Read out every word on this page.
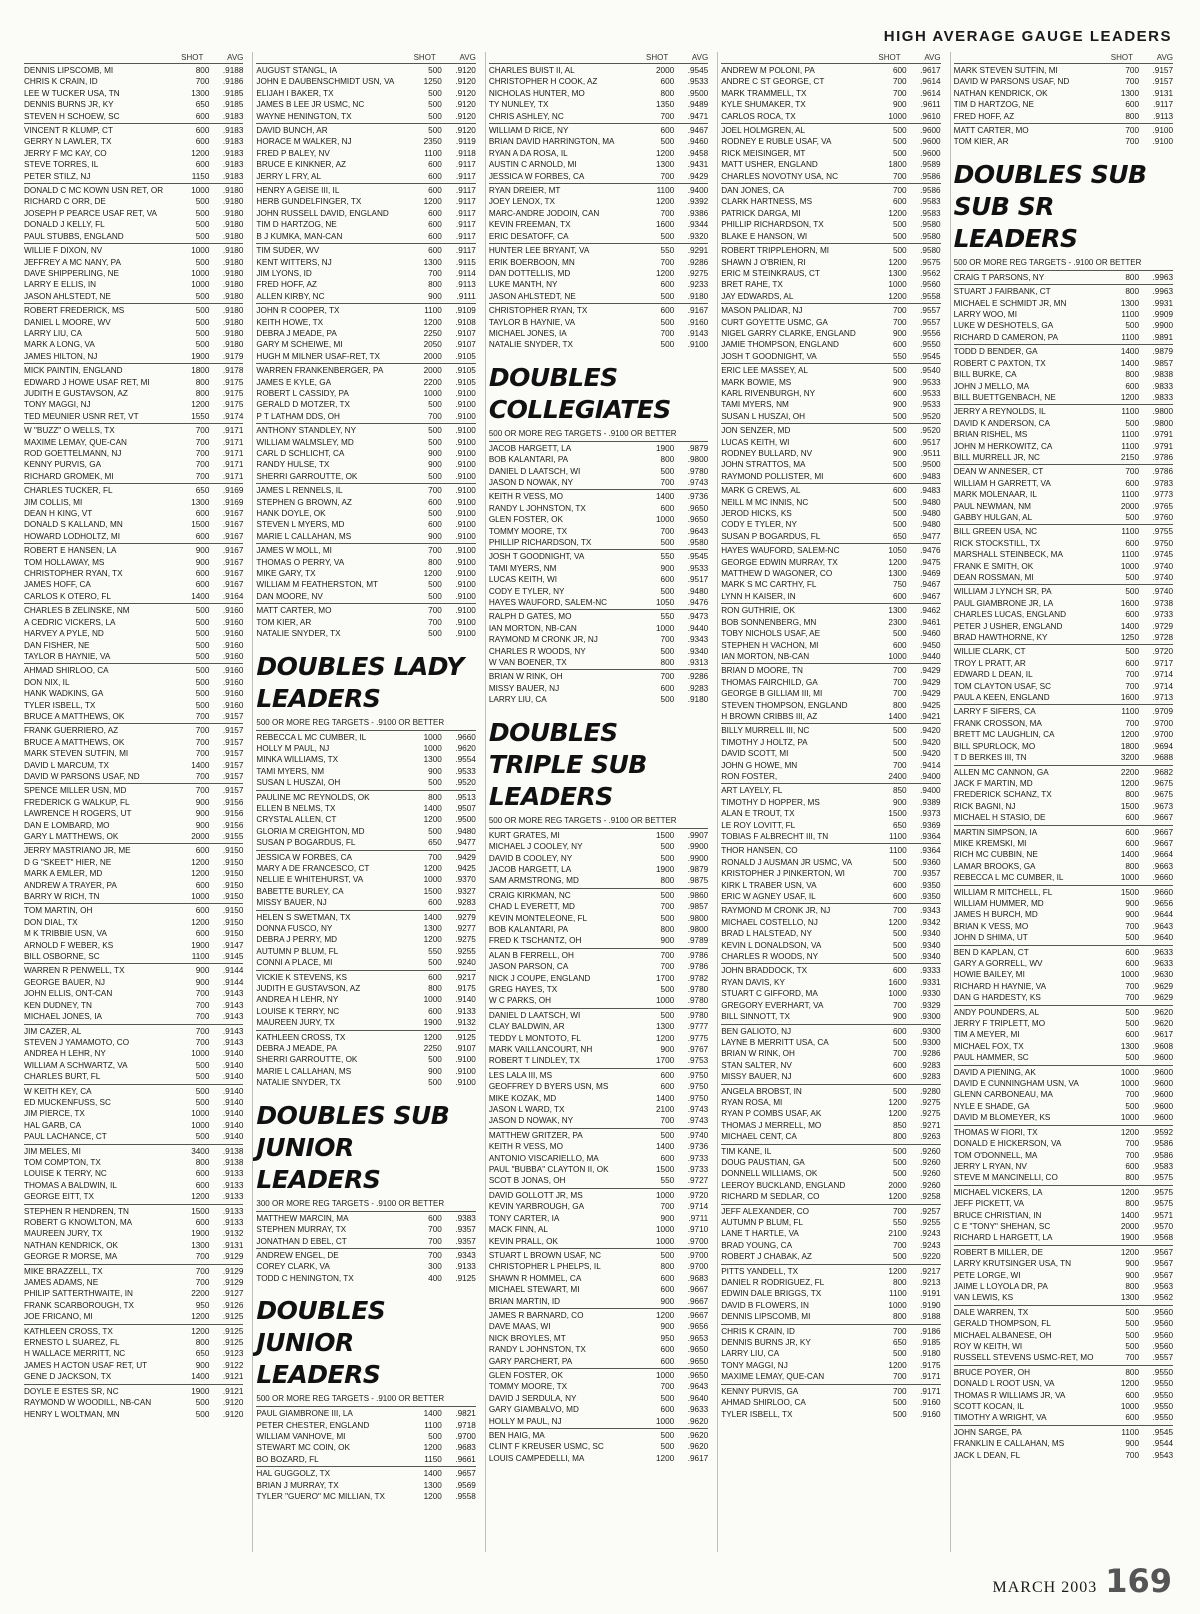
HIGH AVERAGE GAUGE LEADERS
SHOT	AVG
DENNIS LIPSCOMB, MI	800	.9188
CHRIS K CRAIN, ID	700	.9186
LEE W TUCKER USA, TN	1300	.9185
DENNIS BURNS JR, KY	650	.9185
STEVEN H SCHOEW, SC	600	.9183
VINCENT R KLUMP, CT	600	.9183
GERRY N LAWLER, TX	600	.9183
JERRY F MC KAY, CO	1200	.9183
STEVE TORRES, IL	600	.9183
PETER STILZ, NJ	1150	.9183
DONALD C MC KOWN USN RET, OR	1000	.9180
RICHARD C ORR, DE	500	.9180
JOSEPH P PEARCE USAF RET, VA	500	.9180
DONALD J KELLY, FL	500	.9180
PAUL STUBBS, ENGLAND	500	.9180
WILLIE F DIXON, NV	1000	.9180
JEFFREY A MC NANY, PA	500	.9180
DAVE SHIPPERLING, NE	1000	.9180
LARRY E ELLIS, IN	1000	.9180
JASON AHLSTEDT, NE	500	.9180
ROBERT FREDERICK, MS	500	.9180
DANIEL L MOORE, WV	500	.9180
LARRY LIU, CA	500	.9180
MARK A LONG, VA	500	.9180
JAMES HILTON, NJ	1900	.9179
MICK PAINTIN, ENGLAND	1800	.9178
EDWARD J HOWE USAF RET, MI	800	.9175
JUDITH E GUSTAVSON, AZ	800	.9175
TONY MAGGI, NJ	1200	.9175
TED MEUNIER USNR RET, VT	1550	.9174
W "BUZZ" O WELLS, TX	700	.9171
MAXIME LEMAY, QUE-CAN	700	.9171
ROD GOETTELMANN, NJ	700	.9171
KENNY PURVIS, GA	700	.9171
RICHARD GROMEK, MI	700	.9171
CHARLES TUCKER, FL	650	.9169
JIM COLLIS, MI	1300	.9169
DEAN H KING, VT	600	.9167
DONALD S KALLAND, MN	1500	.9167
HOWARD LODHOLTZ, MI	600	.9167
ROBERT E HANSEN, LA	900	.9167
TOM HOLLAWAY, MS	900	.9167
CHRISTOPHER RYAN, TX	600	.9167
JAMES HOFF, CA	600	.9167
CARLOS K OTERO, FL	1400	.9164
CHARLES B ZELINSKE, NM	500	.9160
A CEDRIC VICKERS, LA	500	.9160
HARVEY A PYLE, ND	500	.9160
DAN FISHER, NE	500	.9160
TAYLOR B HAYNIE, VA	500	.9160
AHMAD SHIRLOO, CA	500	.9160
DON NIX, IL	500	.9160
HANK WADKINS, GA	500	.9160
TYLER ISBELL, TX	500	.9160
BRUCE A MATTHEWS, OK	700	.9157
FRANK GUERRIERO, AZ	700	.9157
BRUCE A MATTHEWS, OK	700	.9157
MARK STEVEN SUTFIN, MI	700	.9157
DAVID L MARCUM, TX	1400	.9157
DAVID W PARSONS USAF, ND	700	.9157
SPENCE MILLER USN, MD	700	.9157
FREDERICK G WALKUP, FL	900	.9156
LAWRENCE H ROGERS, UT	900	.9156
DAN E LOMBARD, MO	900	.9156
GARY L MATTHEWS, OK	2000	.9155
JERRY MASTRIANO JR, ME	600	.9150
D G "SKEET" HIER, NE	1200	.9150
MARK A EMLER, MD	1200	.9150
ANDREW A TRAYER, PA	600	.9150
BARRY W RICH, TN	1000	.9150
TOM MARTIN, OH	600	.9150
DON DIAL, TX	1200	.9150
M K TRIBBIE USN, VA	600	.9150
ARNOLD F WEBER, KS	1900	.9147
BILL OSBORNE, SC	1100	.9145
WARREN R PENWELL, TX	900	.9144
GEORGE BAUER, NJ	900	.9144
JOHN ELLIS, ONT-CAN	700	.9143
KEN DUDNEY, TN	700	.9143
MICHAEL JONES, IA	700	.9143
JIM CAZER, AL	700	.9143
STEVEN J YAMAMOTO, CO	700	.9143
ANDREA H LEHR, NY	1000	.9140
WILLIAM A SCHWARTZ, VA	500	.9140
CHARLES BURT, FL	500	.9140
W KEITH KEY, CA	500	.9140
ED MUCKENFUSS, SC	500	.9140
JIM PIERCE, TX	1000	.9140
HAL GARB, CA	1000	.9140
PAUL LACHANCE, CT	500	.9140
JIM MELES, MI	3400	.9138
TOM COMPTON, TX	800	.9138
LOUISE K TERRY, NC	600	.9133
THOMAS A BALDWIN, IL	600	.9133
GEORGE EITT, TX	1200	.9133
STEPHEN R HENDREN, TN	1500	.9133
ROBERT G KNOWLTON, MA	600	.9133
MAUREEN JURY, TX	1900	.9132
NATHAN KENDRICK, OK	1300	.9131
GEORGE R MORSE, MA	700	.9129
MIKE BRAZZELL, TX	700	.9129
JAMES ADAMS, NE	700	.9129
PHILIP SATTERTHWAITE, IN	2200	.9127
FRANK SCARBOROUGH, TX	950	.9126
JOE FRICANO, MI	1200	.9125
KATHLEEN CROSS, TX	1200	.9125
ERNESTO L SUAREZ, FL	800	.9125
H WALLACE MERRITT, NC	650	.9123
JAMES H ACTON USAF RET, UT	900	.9122
GENE D JACKSON, TX	1400	.9121
DOYLE E ESTES SR, NC	1900	.9121
RAYMOND W WOODILL, NB-CAN	500	.9120
HENRY L WOLTMAN, MN	500	.9120
SHOT	AVG
AUGUST STANGL, IA	500	.9120
JOHN E DAUBENSCHMIDT USN, VA	1250	.9120
ELIJAH I BAKER, TX	500	.9120
JAMES B LEE JR USMC, NC	500	.9120
WAYNE HENINGTON, TX	500	.9120
DAVID BUNCH, AR	500	.9120
HORACE M WALKER, NJ	2350	.9119
FRED P BALEY, NV	1100	.9118
BRUCE E KINKNER, AZ	600	.9117
JERRY L FRY, AL	600	.9117
HENRY A GEISE III, IL	600	.9117
HERB GUNDELFINGER, TX	1200	.9117
JOHN RUSSELL DAVID, ENGLAND	600	.9117
TIM D HARTZOG, NE	600	.9117
B J KUMKA, MAN-CAN	600	.9117
TIM SUDER, WV	600	.9117
KENT WITTERS, NJ	1300	.9115
JIM LYONS, ID	700	.9114
FRED HOFF, AZ	800	.9113
ALLEN KIRBY, NC	900	.9111
JOHN R COOPER, TX	1100	.9109
KEITH HOWE, TX	1200	.9108
DEBRA J MEADE, PA	2250	.9107
GARY M SCHEIWE, MI	2050	.9107
HUGH M MILNER USAF-RET, TX	2000	.9105
WARREN FRANKENBERGER, PA	2000	.9105
JAMES E KYLE, GA	2200	.9105
ROBERT L CASSIDY, PA	1000	.9100
GERALD D MOTZER, TX	500	.9100
P T LATHAM DDS, OH	700	.9100
ANTHONY STANDLEY, NY	500	.9100
WILLIAM WALMSLEY, MD	500	.9100
CARL D SCHLICHT, CA	900	.9100
RANDY HULSE, TX	900	.9100
SHERRI GARROUTTE, OK	500	.9100
JAMES L RENNELS, IL	700	.9100
STEPHEN G BROWN, AZ	600	.9100
HANK DOYLE, OK	500	.9100
STEVEN L MYERS, MD	600	.9100
MARIE L CALLAHAN, MS	900	.9100
JAMES W MOLL, MI	700	.9100
THOMAS O PERRY, VA	800	.9100
MIKE GARY, TX	1200	.9100
WILLIAM M FEATHERSTON, MT	500	.9100
DAN MOORE, NV	500	.9100
MATT CARTER, MO	700	.9100
TOM KIER, AR	700	.9100
NATALIE SNYDER, TX	500	.9100
DOUBLES LADY LEADERS
500 OR MORE REG TARGETS - .9100 OR BETTER
REBECCA L MC CUMBER, IL	1000	.9660
HOLLY M PAUL, NJ	1000	.9620
MINKA WILLIAMS, TX	1300	.9554
TAMI MYERS, NM	900	.9533
SUSAN L HUSZAI, OH	500	.9520
PAULINE MC REYNOLDS, OK	800	.9513
ELLEN B NELMS, TX	1400	.9507
CRYSTAL ALLEN, CT	1200	.9500
GLORIA M CREIGHTON, MD	500	.9480
SUSAN P BOGARDUS, FL	650	.9477
JESSICA W FORBES, CA	700	.9429
MARY A DE FRANCESCO, CT	1200	.9425
NELLIE E WHITEHURST, VA	1000	.9370
BABETTE BURLEY, CA	1500	.9327
MISSY BAUER, NJ	600	.9283
HELEN S SWETMAN, TX	1400	.9279
DONNA FUSCO, NY	1300	.9277
DEBRA J PERRY, MD	1200	.9275
AUTUMN P BLUM, FL	550	.9255
CONNI A PLACE, MI	500	.9240
VICKIE K STEVENS, KS	600	.9217
JUDITH E GUSTAVSON, AZ	800	.9175
ANDREA H LEHR, NY	1000	.9140
LOUISE K TERRY, NC	600	.9133
MAUREEN JURY, TX	1900	.9132
KATHLEEN CROSS, TX	1200	.9125
DEBRA J MEADE, PA	2250	.9107
SHERRI GARROUTTE, OK	500	.9100
MARIE L CALLAHAN, MS	900	.9100
NATALIE SNYDER, TX	500	.9100
DOUBLES SUB JUNIOR LEADERS
300 OR MORE REG TARGETS - .9100 OR BETTER
MATTHEW MARCIN, MA	600	.9383
STEPHEN MURRAY, TX	700	.9357
JONATHAN D EBEL, CT	700	.9357
ANDREW ENGEL, DE	700	.9343
COREY CLARK, VA	300	.9133
TODD C HENINGTON, TX	400	.9125
DOUBLES JUNIOR LEADERS
500 OR MORE REG TARGETS - .9100 OR BETTER
PAUL GIAMBRONE III, LA	1400	.9821
PETER CHESTER, ENGLAND	1100	.9718
WILLIAM VANHOVE, MI	500	.9700
STEWART MC COIN, OK	1200	.9683
BO BOZARD, FL	1150	.9661
HAL GUGGOLZ, TX	1400	.9657
BRIAN J MURRAY, TX	1300	.9569
TYLER "GUERO" MC MILLIAN, TX	1200	.9558
SHOT	AVG
CHARLES BUIST II, AL	2000	.9545
CHRISTOPHER H COOK, AZ	600	.9533
NICHOLAS HUNTER, MO	800	.9500
TY NUNLEY, TX	1350	.9489
CHRIS ASHLEY, NC	700	.9471
WILLIAM D RICE, NY	600	.9467
BRIAN DAVID HARRINGTON, MA	500	.9460
RYAN A DA ROSA, IL	1200	.9458
AUSTIN C ARNOLD, MI	1300	.9431
JESSICA W FORBES, CA	700	.9429
RYAN DREIER, MT	1100	.9400
JOEY LENOX, TX	1200	.9392
MARC-ANDRE JODOIN, CAN	700	.9386
KEVIN FREEMAN, TX	1600	.9344
ERIC DESATOFF, CA	500	.9320
HUNTER LEE BRYANT, VA	550	.9291
ERIK BOERBOON, MN	700	.9286
DAN DOTTELLIS, MD	1200	.9275
LUKE MANTH, NY	600	.9233
JASON AHLSTEDT, NE	500	.9180
CHRISTOPHER RYAN, TX	600	.9167
TAYLOR B HAYNIE, VA	500	.9160
MICHAEL JONES, IA	700	.9143
NATALIE SNYDER, TX	500	.9100
DOUBLES COLLEGIATES
500 OR MORE REG TARGETS - .9100 OR BETTER
JACOB HARGETT, LA	1900	.9879
BOB KALANTARI, PA	800	.9800
DANIEL D LAATSCH, WI	500	.9780
JASON D NOWAK, NY	700	.9743
KEITH R VESS, MO	1400	.9736
RANDY L JOHNSTON, TX	600	.9650
GLEN FOSTER, OK	1000	.9650
TOMMY MOORE, TX	700	.9643
PHILLIP RICHARDSON, TX	500	.9580
JOSH T GOODNIGHT, VA	550	.9545
TAMI MYERS, NM	900	.9533
LUCAS KEITH, WI	600	.9517
CODY E TYLER, NY	500	.9480
HAYES WAUFORD, SALEM-NC	1050	.9476
RALPH D GATES, MO	550	.9473
IAN MORTON, NB-CAN	1000	.9440
RAYMOND M CRONK JR, NJ	700	.9343
CHARLES R WOODS, NY	500	.9340
W VAN BOENER, TX	800	.9313
BRIAN W RINK, OH	700	.9286
MISSY BAUER, NJ	600	.9283
LARRY LIU, CA	500	.9180
DOUBLES TRIPLE SUB LEADERS
500 OR MORE REG TARGETS - .9100 OR BETTER
KURT GRATES, MI	1500	.9907
MICHAEL J COOLEY, NY	500	.9900
DAVID B COOLEY, NY	500	.9900
JACOB HARGETT, LA	1900	.9879
SAM ARMSTRONG, MD	800	.9875
CRAIG KIRKMAN, NC	500	.9860
CHAD L EVERETT, MD	700	.9857
KEVIN MONTELEONE, FL	500	.9800
BOB KALANTARI, PA	800	.9800
FRED K TSCHANTZ, OH	900	.9789
ALAN B FERRELL, OH	700	.9786
JASON PARSON, CA	700	.9786
NICK J COUPE, ENGLAND	1700	.9782
GREG HAYES, TX	500	.9780
W C PARKS, OH	1000	.9780
DANIEL D LAATSCH, WI	500	.9780
CLAY BALDWIN, AR	1300	.9777
TEDDY L MONTOTO, FL	1200	.9775
MARK VAILLANCOURT, NH	900	.9767
ROBERT T LINDLEY, TX	1700	.9753
LES LALA III, MS	600	.9750
GEOFFREY D BYERS USN, MS	600	.9750
MIKE KOZAK, MD	1400	.9750
JASON L WARD, TX	2100	.9743
JASON D NOWAK, NY	700	.9743
MATTHEW GRITZER, PA	500	.9740
KEITH R VESS, MO	1400	.9736
ANTONIO VISCARIELLO, MA	600	.9733
PAUL "BUBBA" CLAYTON II, OK	1500	.9733
SCOT B JONAS, OH	550	.9727
DAVID GOLLOTT JR, MS	1000	.9720
KEVIN YARBROUGH, GA	700	.9714
TONY CARTER, IA	900	.9711
MACK FINN, AL	1000	.9710
KEVIN PRALL, OK	1000	.9700
STUART L BROWN USAF, NC	500	.9700
CHRISTOPHER L PHELPS, IL	800	.9700
SHAWN R HOMMEL, CA	600	.9683
MICHAEL STEWART, MI	600	.9667
BRIAN MARTIN, ID	900	.9667
JAMES R BARNARD, CO	1200	.9667
DAVE MAAS, WI	900	.9656
NICK BROYLES, MT	950	.9653
RANDY L JOHNSTON, TX	600	.9650
GARY PARCHERT, PA	600	.9650
GLEN FOSTER, OK	1000	.9650
TOMMY MOORE, TX	700	.9643
DAVID J SERDULA, NY	500	.9640
GARY GIAMBALVO, MD	600	.9633
HOLLY M PAUL, NJ	1000	.9620
BEN HAIG, MA	500	.9620
CLINT F KREUSER USMC, SC	500	.9620
LOUIS CAMPEDELLI, MA	1200	.9617
SHOT	AVG
ANDREW M POLONI, PA	600	.9617
ANDRE C ST GEORGE, CT	700	.9614
MARK TRAMMELL, TX	700	.9614
KYLE SHUMAKER, TX	900	.9611
CARLOS ROCA, TX	1000	.9610
JOEL HOLMGREN, AL	500	.9600
RODNEY E RUBLE USAF, VA	500	.9600
RICK MEISINGER, MT	500	.9600
MATT USHER, ENGLAND	1800	.9589
CHARLES NOVOTNY USA, NC	700	.9586
DAN JONES, CA	700	.9586
CLARK HARTNESS, MS	600	.9583
PATRICK DARGA, MI	1200	.9583
PHILLIP RICHARDSON, TX	500	.9580
BLAKE E HANSON, WI	500	.9580
ROBERT TRIPPLEHORN, MI	500	.9580
SHAWN J O'BRIEN, RI	1200	.9575
ERIC M STEINKRAUS, CT	1300	.9562
BRET RAHE, TX	1000	.9560
JAY EDWARDS, AL	1200	.9558
MASON PALIDAR, NJ	700	.9557
CURT GOYETTE USMC, GA	700	.9557
NIGEL GARRY CLARKE, ENGLAND	900	.9556
JAMIE THOMPSON, ENGLAND	600	.9550
JOSH T GOODNIGHT, VA	550	.9545
ERIC LEE MASSEY, AL	500	.9540
MARK BOWIE, MS	900	.9533
KARL RIVENBURGH, NY	600	.9533
TAMI MYERS, NM	900	.9533
SUSAN L HUSZAI, OH	500	.9520
JON SENZER, MD	500	.9520
LUCAS KEITH, WI	600	.9517
RODNEY BULLARD, NV	900	.9511
JOHN STRATTOS, MA	500	.9500
RAYMOND POLLISTER, MI	600	.9483
MARK G CREWS, AL	600	.9483
NEILL M MC INNIS, NC	500	.9480
JEROD HICKS, KS	500	.9480
CODY E TYLER, NY	500	.9480
SUSAN P BOGARDUS, FL	650	.9477
HAYES WAUFORD, SALEM-NC	1050	.9476
GEORGE EDWIN MURRAY, TX	1200	.9475
MATTHEW D WAGONER, CO	1300	.9469
MARK S MC CARTHY, FL	750	.9467
LYNN H KAISER, IN	600	.9467
RON GUTHRIE, OK	1300	.9462
BOB SONNENBERG, MN	2300	.9461
TOBY NICHOLS USAF, AE	500	.9460
STEPHEN H VACHON, MI	600	.9450
IAN MORTON, NB-CAN	1000	.9440
BRIAN D MOORE, TN	700	.9429
THOMAS FAIRCHILD, GA	700	.9429
GEORGE B GILLIAM III, MI	700	.9429
STEVEN THOMPSON, ENGLAND	800	.9425
H BROWN CRIBBS III, AZ	1400	.9421
BILLY MURRELL III, NC	500	.9420
TIMOTHY J HOLTZ, PA	500	.9420
DAVID SCOTT, MI	500	.9420
JOHN G HOWE, MN	700	.9414
RON FOSTER,	2400	.9400
ART LAYELY, FL	850	.9400
TIMOTHY D HOPPER, MS	900	.9389
ALAN E TROUT, TX	1500	.9373
LE ROY LOVITT, FL	650	.9369
TOBIAS F ALBRECHT III, TN	1100	.9364
THOR HANSEN, CO	1100	.9364
RONALD J AUSMAN JR USMC, VA	500	.9360
KRISTOPHER J PINKERTON, WI	700	.9357
KIRK L TRABER USN, VA	600	.9350
ERIC W AGNEY USAF, IL	600	.9350
RAYMOND M CRONK JR, NJ	700	.9343
MICHAEL COSTELLO, NJ	1200	.9342
BRAD L HALSTEAD, NY	500	.9340
KEVIN L DONALDSON, VA	500	.9340
CHARLES R WOODS, NY	500	.9340
JOHN BRADDOCK, TX	600	.9333
RYAN DAVIS, KY	1600	.9331
STUART C GIFFORD, MA	1000	.9330
GREGORY EVERHART, VA	700	.9329
BILL SINNOTT, TX	900	.9300
BEN GALIOTO, NJ	600	.9300
LAYNE B MERRITT USA, CA	500	.9300
BRIAN W RINK, OH	700	.9286
STAN SALTER, NV	600	.9283
MISSY BAUER, NJ	600	.9283
ANGELA BROBST, IN	500	.9280
RYAN ROSA, MI	1200	.9275
RYAN P COMBS USAF, AK	1200	.9275
THOMAS J MERRELL, MO	850	.9271
MICHAEL CENT, CA	800	.9263
TIM KANE, IL	500	.9260
DOUG PAUSTIAN, GA	500	.9260
DONNELL WILLIAMS, OK	500	.9260
LEEROY BUCKLAND, ENGLAND	2000	.9260
RICHARD M SEDLAR, CO	1200	.9258
JEFF ALEXANDER, CO	700	.9257
AUTUMN P BLUM, FL	550	.9255
LANE T HARTLE, VA	2100	.9243
BRAD YOUNG, CA	700	.9243
ROBERT J CHABAK, AZ	500	.9220
PITTS YANDELL, TX	1200	.9217
DANIEL R RODRIGUEZ, FL	800	.9213
EDWIN DALE BRIGGS, TX	1100	.9191
DAVID B FLOWERS, IN	1000	.9190
DENNIS LIPSCOMB, MI	800	.9188
CHRIS K CRAIN, ID	700	.9186
DENNIS BURNS JR, KY	650	.9185
LARRY LIU, CA	500	.9180
TONY MAGGI, NJ	1200	.9175
MAXIME LEMAY, QUE-CAN	700	.9171
KENNY PURVIS, GA	700	.9171
AHMAD SHIRLOO, CA	500	.9160
TYLER ISBELL, TX	500	.9160
SHOT	AVG
MARK STEVEN SUTFIN, MI	700	.9157
DAVID W PARSONS USAF, ND	700	.9157
NATHAN KENDRICK, OK	1300	.9131
TIM D HARTZOG, NE	600	.9117
FRED HOFF, AZ	800	.9113
MATT CARTER, MO	700	.9100
TOM KIER, AR	700	.9100
DOUBLES SUB SUB SR LEADERS
500 OR MORE REG TARGETS - .9100 OR BETTER
CRAIG T PARSONS, NY	800	.9963
STUART J FAIRBANK, CT	800	.9963
MICHAEL E SCHMIDT JR, MN	1300	.9931
LARRY WOO, MI	1100	.9909
LUKE W DESHOTELS, GA	500	.9900
RICHARD D CAMERON, PA	1100	.9891
TODD D BENDER, GA	1400	.9879
ROBERT C PAXTON, TX	1400	.9857
BILL BURKE, CA	800	.9838
JOHN J MELLO, MA	600	.9833
BILL BUETTGENBACH, NE	1200	.9833
JERRY A REYNOLDS, IL	1100	.9800
DAVID K ANDERSON, CA	500	.9800
BRIAN RISHEL, MS	1100	.9791
JOHN M HERKOWITZ, CA	1100	.9791
BILL MURRELL JR, NC	2150	.9786
DEAN W ANNESER, CT	700	.9786
WILLIAM H GARRETT, VA	600	.9783
MARK MOLENAAR, IL	1100	.9773
PAUL NEWMAN, NM	2000	.9765
GABBY HULGAN, AL	500	.9760
BILL GREEN USA, NC	1100	.9755
RICK STOCKSTILL, TX	600	.9750
MARSHALL STEINBECK, MA	1100	.9745
FRANK E SMITH, OK	1000	.9740
DEAN ROSSMAN, MI	500	.9740
WILLIAM J LYNCH SR, PA	500	.9740
PAUL GIAMBRONE JR, LA	1600	.9738
CHARLES LUCAS, ENGLAND	600	.9733
PETER J USHER, ENGLAND	1400	.9729
BRAD HAWTHORNE, KY	1250	.9728
WILLIE CLARK, CT	500	.9720
TROY L PRATT, AR	600	.9717
EDWARD L DEAN, IL	700	.9714
TOM CLAYTON USAF, SC	700	.9714
PAUL A KEEN, ENGLAND	1600	.9713
LARRY F SIFERS, CA	1100	.9709
FRANK CROSSON, MA	700	.9700
BRETT MC LAUGHLIN, CA	1200	.9700
BILL SPURLOCK, MO	1800	.9694
T D BERKES III, TN	3200	.9688
ALLEN MC CANNON, GA	2200	.9682
JACK F MARTIN, MD	1200	.9675
FREDERICK SCHANZ, TX	800	.9675
RICK BAGNI, NJ	1500	.9673
MICHAEL H STASIO, DE	600	.9667
MARTIN SIMPSON, IA	600	.9667
MIKE KREMSKI, MI	600	.9667
RICH MC CUBBIN, NE	1400	.9664
LAMAR BROOKS, GA	800	.9663
REBECCA L MC CUMBER, IL	1000	.9660
WILLIAM R MITCHELL, FL	1500	.9660
WILLIAM HUMMER, MD	900	.9656
JAMES H BURCH, MD	900	.9644
BRIAN K VESS, MO	700	.9643
JOHN D SHIMA, UT	500	.9640
BEN D KAPLAN, CT	600	.9633
GARY A GORRELL, WV	600	.9633
HOWIE BAILEY, MI	1000	.9630
RICHARD H HAYNIE, VA	700	.9629
DAN G HARDESTY, KS	700	.9629
ANDY POUNDERS, AL	500	.9620
JERRY F TRIPLETT, MO	500	.9620
TIM A MEYER, MI	600	.9617
MICHAEL FOX, TX	1300	.9608
PAUL HAMMER, SC	500	.9600
DAVID A PIENING, AK	1000	.9600
DAVID E CUNNINGHAM USN, VA	1000	.9600
GLENN CARBONEAU, MA	700	.9600
NYLE E SHADE, GA	500	.9600
DAVID M BLOMEYER, KS	1000	.9600
THOMAS W FIORI, TX	1200	.9592
DONALD E HICKERSON, VA	700	.9586
TOM O'DONNELL, MA	700	.9586
JERRY L RYAN, NV	600	.9583
STEVE M MANCINELLI, CO	800	.9575
MICHAEL VICKERS, LA	1200	.9575
JEFF PICKETT, VA	800	.9575
BRUCE CHRISTIAN, IN	1400	.9571
C E "TONY" SHEHAN, SC	2000	.9570
RICHARD L HARGETT, LA	1900	.9568
ROBERT B MILLER, DE	1200	.9567
LARRY KRUTSINGER USA, TN	900	.9567
PETE LORGE, WI	900	.9567
JAIME L LOYOLA DR, PA	800	.9563
VAN LEWIS, KS	1300	.9562
DALE WARREN, TX	500	.9560
GERALD THOMPSON, FL	500	.9560
MICHAEL ALBANESE, OH	500	.9560
ROY W KEITH, WI	500	.9560
RUSSELL STEVENS USMC-RET, MO	700	.9557
BRUCE POYER, OH	800	.9550
DONALD L ROOT USN, VA	1200	.9550
THOMAS R WILLIAMS JR, VA	600	.9550
SCOTT KOCAN, IL	1000	.9550
TIMOTHY A WRIGHT, VA	600	.9550
JOHN SARGE, PA	1100	.9545
FRANKLIN E CALLAHAN, MS	900	.9544
JACK L DEAN, FL	700	.9543
MARCH 2003 169
